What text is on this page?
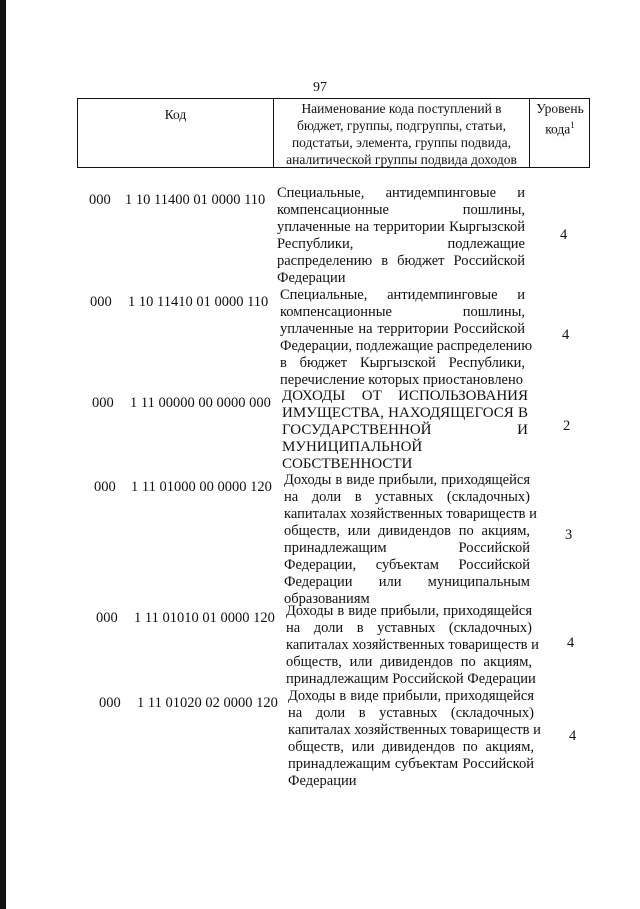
97
Код	Наименование кода поступлений в
бюджет, группы, подгруппы, статьи,
подстатьи, элемента, группы подвида,
аналитической группы подвида доходов
Уровень
кода$^1$
000 1 10 11400 01 0000 110 Специальные, антидемпинговые и
компенсационные пошлины,
уплаченные на территории Кыргызской
Республики, подлежащие
распределению в бюджет Российской
Федерации
4
000 1 10 11410 01 0000 110 Специальные, антидемпинговые и
компенсационные пошлины,
уплаченные на территории Российской
Федерации, подлежащие распределению
в бюджет Кыргызской Республики,
перечисление которых приостановлено
4
000 1 11 00000 00 0000 000 ДОХОДЫ ОТ ИСПОЛЬЗОВАНИЯ
ИМУЩЕСТВА, НАХОДЯЩЕГОСЯ В
ГОСУДАРСТВЕННОЙ И
МУНИЦИПАЛЬНОЙ
СОБСТВЕННОСТИ
2
000 1 11 01000 00 0000 120 Доходы в виде прибыли, приходящейся
на доли в уставных (складочных)
капиталах хозяйственных товариществ и
обществ, или дивидендов по акциям,
принадлежащим Российской
Федерации, субъектам Российской
Федерации или муниципальным
образованиям
3
000 1 11 01010 01 0000 120 Доходы в виде прибыли, приходящейся
на доли в уставных (складочных)
капиталах хозяйственных товариществ и
обществ, или дивидендов по акциям,
принадлежащим Российской Федерации
4
000 1 11 01020 02 0000 120 Доходы в виде прибыли, приходящейся
на доли в уставных (складочных)
капиталах хозяйственных товариществ и
обществ, или дивидендов по акциям,
принадлежащим субъектам Российской
Федерации
4
